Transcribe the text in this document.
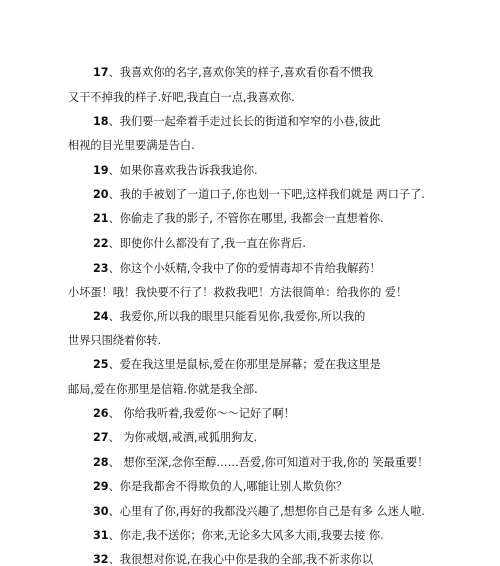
17、我喜欢你的名字,喜欢你笑的样子,喜欢看你看不惯我
又干不掉我的样子.好吧,我直白一点,我喜欢你.
18、我们要一起牵着手走过长长的街道和窄窄的小巷,彼此
相视的目光里要满是告白.
19、如果你喜欢我告诉我我追你.
20、我的手被划了一道口子,你也划一下吧,这样我们就是 两口子了.
21、你偷走了我的影子, 不管你在哪里, 我都会一直想着你.
22、即使你什么都没有了,我一直在你背后.
23、你这个小妖精,令我中了你的爱情毒却不肯给我解药！
小坏蛋！哦！我快要不行了！救救我吧！方法很简单：给我你的 爱！
24、我爱你,所以我的眼里只能看见你,我爱你,所以我的
世界只围绕着你转.
25、爱在我这里是鼠标,爱在你那里是屏幕；爱在我这里是
邮局,爱在你那里是信箱.你就是我全部.
26、 你给我听着,我爱你～～记好了啊！
27、 为你戒烟,戒酒,戒狐朋狗友.
28、 想你至深,念你至醇……吾爱,你可知道对于我,你的 笑最重要！
29、你是我都舍不得欺负的人,哪能让别人欺负你？
30、心里有了你,再好的我都没兴趣了,想想你自己是有多 么迷人啦.
31、你走,我不送你；你来,无论多大风多大雨,我要去接 你.
32、我很想对你说,在我心中你是我的全部,我不祈求你以
